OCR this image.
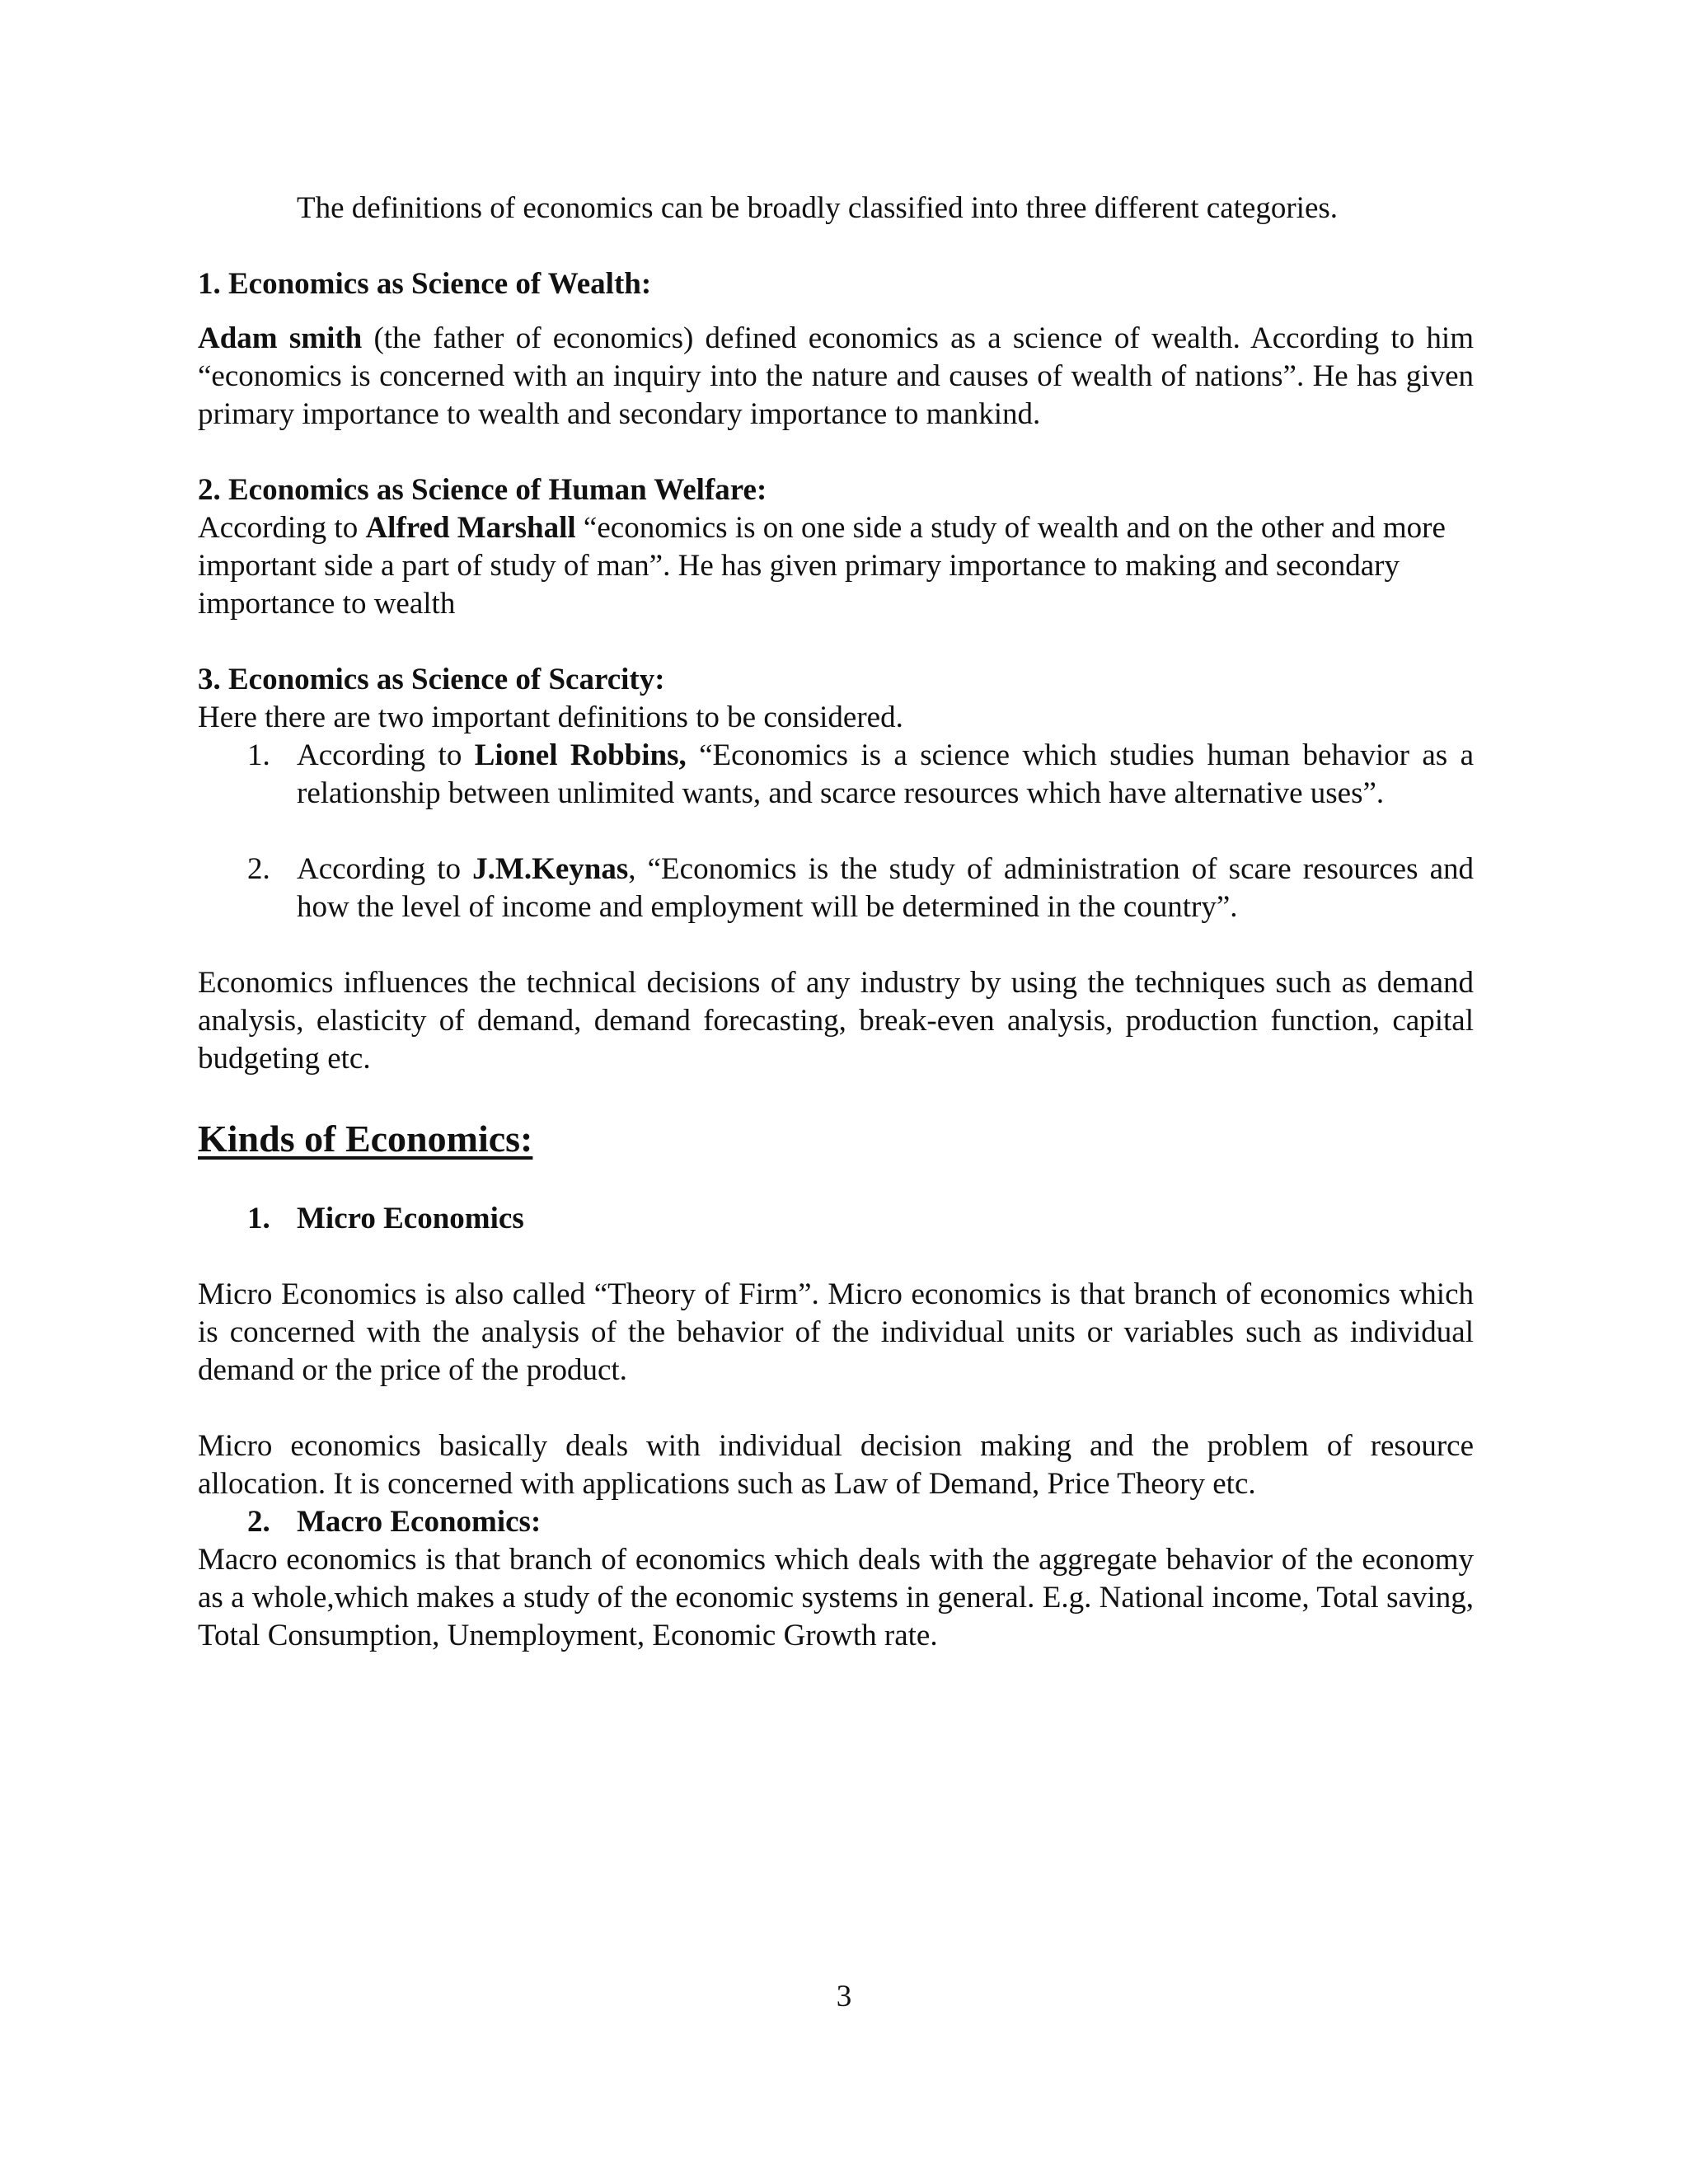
The definitions of economics can be broadly classified into three different categories.

1. Economics as Science of Wealth:

Adam smith (the father of economics) defined economics as a science of wealth. According to him “economics is concerned with an inquiry into the nature and causes of wealth of nations”. He has given primary importance to wealth and secondary importance to mankind.

2. Economics as Science of Human Welfare:

According to Alfred Marshall “economics is on one side a study of wealth and on the other and more important side a part of study of man”. He has given primary importance to making and secondary importance to wealth

3. Economics as Science of Scarcity:

Here there are two important definitions to be considered.

1. According to Lionel Robbins, “Economics is a science which studies human behavior as a relationship between unlimited wants, and scarce resources which have alternative uses”.
2. According to J.M.Keynas, “Economics is the study of administration of scare resources and how the level of income and employment will be determined in the country”.

Economics influences the technical decisions of any industry by using the techniques such as demand analysis, elasticity of demand, demand forecasting, break-even analysis, production function, capital budgeting etc.

Kinds of Economics:

1. Micro Economics

Micro Economics is also called “Theory of Firm”. Micro economics is that branch of economics which is concerned with the analysis of the behavior of the individual units or variables such as individual demand or the price of the product.

Micro economics basically deals with individual decision making and the problem of resource allocation. It is concerned with applications such as Law of Demand, Price Theory etc.

2. Macro Economics:

Macro economics is that branch of economics which deals with the aggregate behavior of the economy as a whole,which makes a study of the economic systems in general. E.g. National income, Total saving, Total Consumption, Unemployment, Economic Growth rate.

3
